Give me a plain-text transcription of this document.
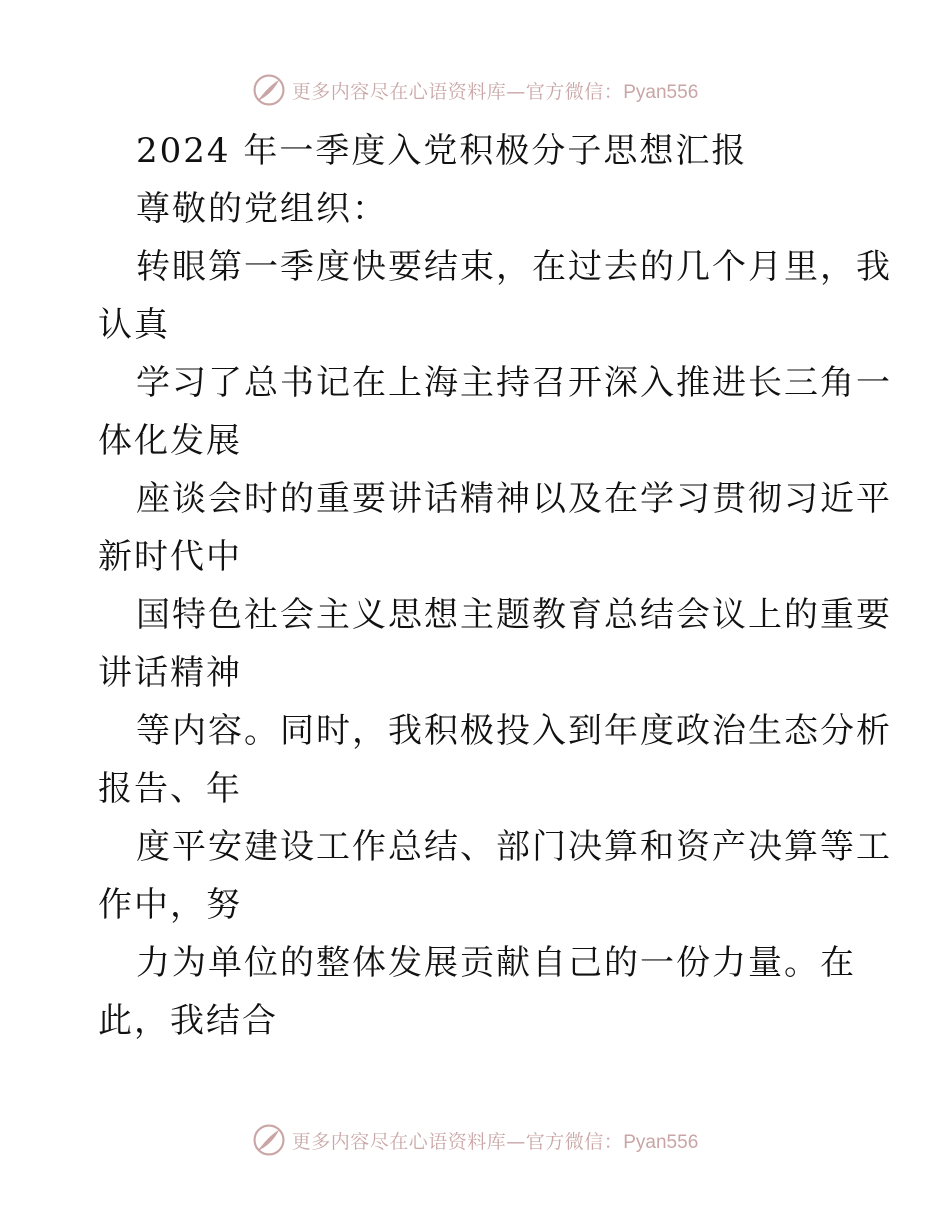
更多内容尽在心语资料库—官方微信：Pyan556
2024 年一季度入党积极分子思想汇报
尊敬的党组织：
转眼第一季度快要结束，在过去的几个月里，我
认真
学习了总书记在上海主持召开深入推进长三角一
体化发展
座谈会时的重要讲话精神以及在学习贯彻习近平
新时代中
国特色社会主义思想主题教育总结会议上的重要
讲话精神
等内容。同时，我积极投入到年度政治生态分析
报告、年
度平安建设工作总结、部门决算和资产决算等工
作中，努
力为单位的整体发展贡献自己的一份力量。在
此，我结合
更多内容尽在心语资料库—官方微信：Pyan556
